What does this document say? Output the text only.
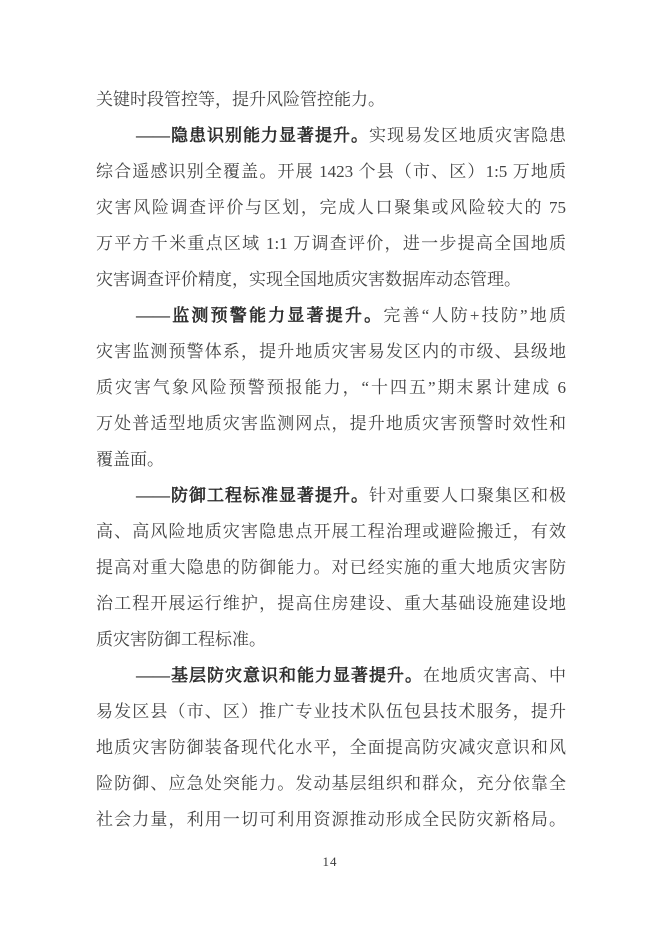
关键时段管控等，提升风险管控能力。
——隐患识别能力显著提升。实现易发区地质灾害隐患
综合遥感识别全覆盖。开展 1423 个县（市、区）1:5 万地质
灾害风险调查评价与区划，完成人口聚集或风险较大的 75
万平方千米重点区域 1:1 万调查评价，进一步提高全国地质
灾害调查评价精度，实现全国地质灾害数据库动态管理。
——监测预警能力显著提升。完善“人防+技防”地质
灾害监测预警体系，提升地质灾害易发区内的市级、县级地
质灾害气象风险预警预报能力，“十四五”期末累计建成 6
万处普适型地质灾害监测网点，提升地质灾害预警时效性和
覆盖面。
——防御工程标准显著提升。针对重要人口聚集区和极
高、高风险地质灾害隐患点开展工程治理或避险搬迁，有效
提高对重大隐患的防御能力。对已经实施的重大地质灾害防
治工程开展运行维护，提高住房建设、重大基础设施建设地
质灾害防御工程标准。
——基层防灾意识和能力显著提升。在地质灾害高、中
易发区县（市、区）推广专业技术队伍包县技术服务，提升
地质灾害防御装备现代化水平，全面提高防灾减灾意识和风
险防御、应急处突能力。发动基层组织和群众，充分依靠全
社会力量，利用一切可利用资源推动形成全民防灾新格局。
14
